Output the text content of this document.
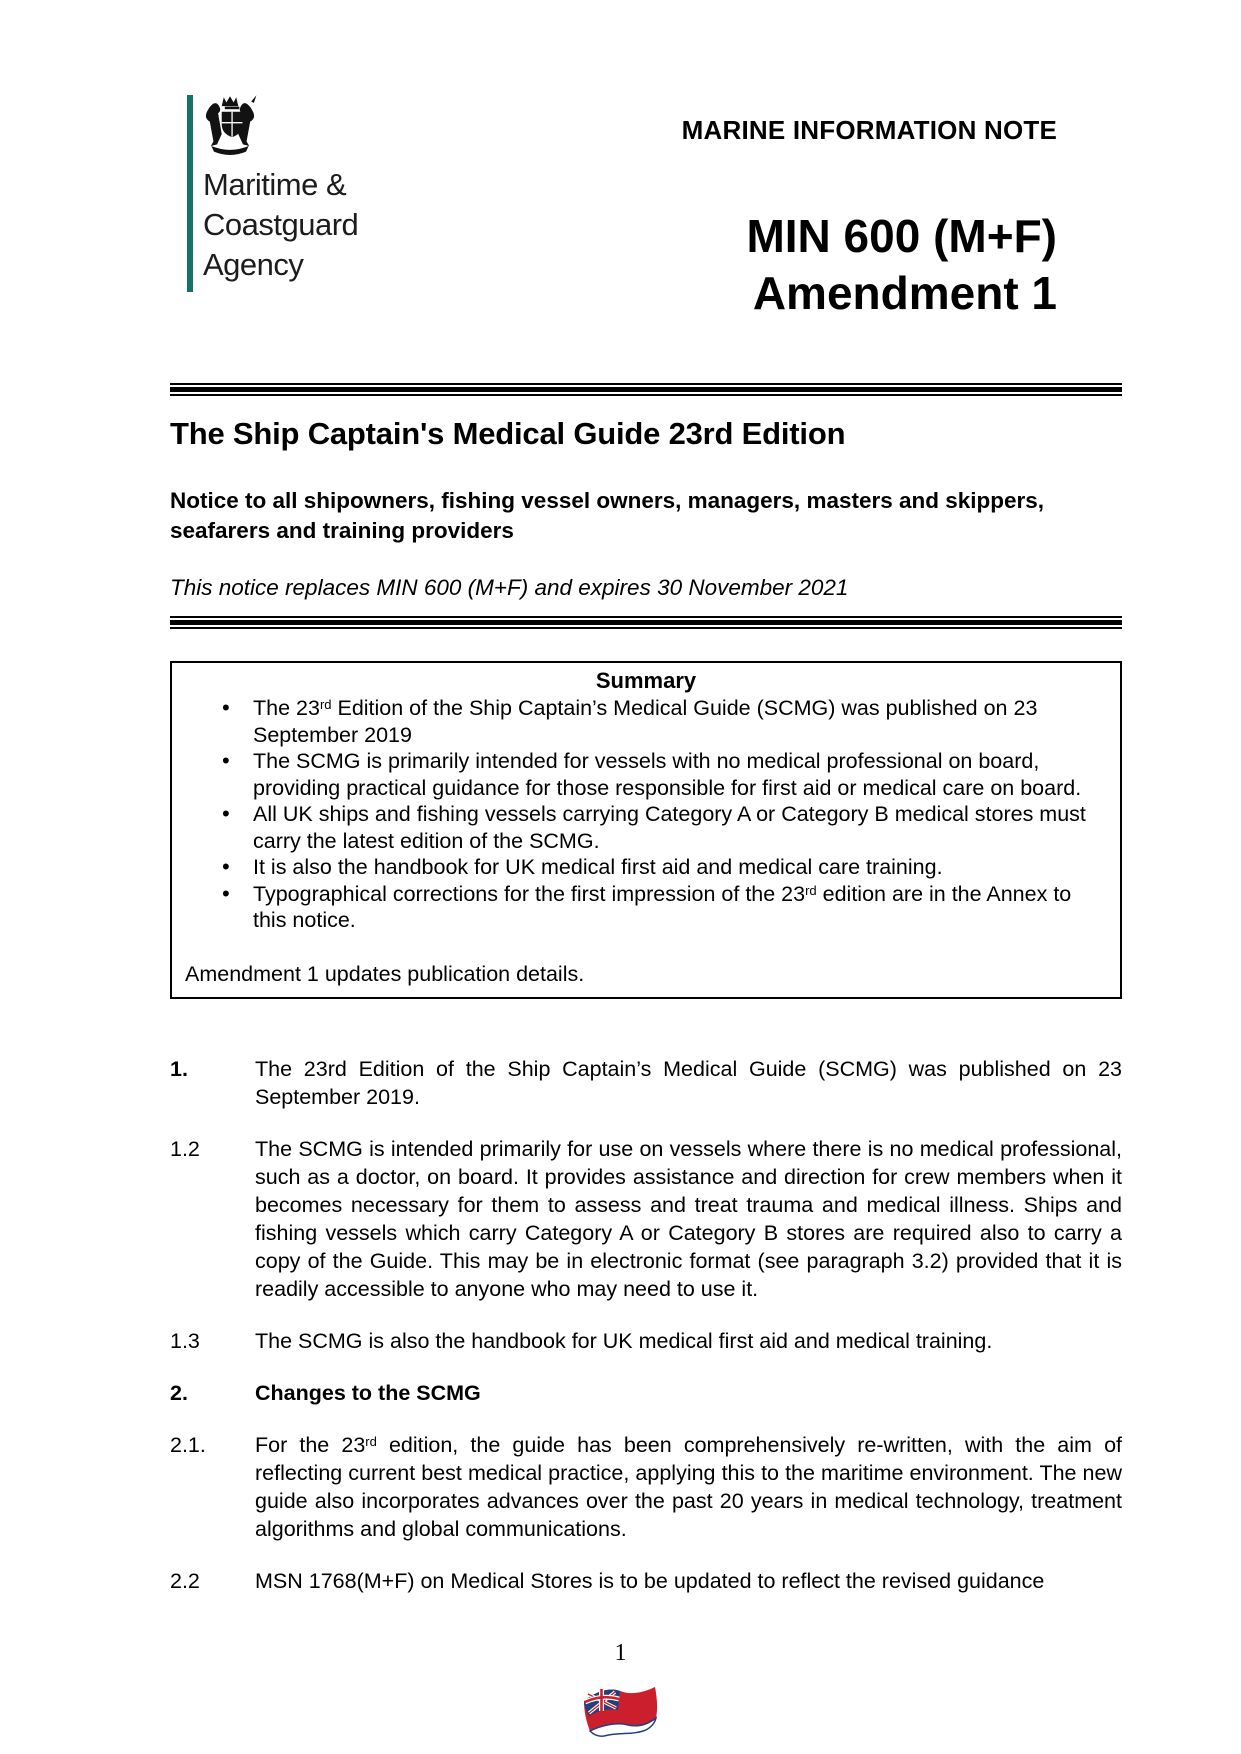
Maritime &
Coastguard
Agency
MARINE INFORMATION NOTE
MIN 600 (M+F)
Amendment 1
The Ship Captain's Medical Guide 23rd Edition
Notice to all shipowners, fishing vessel owners, managers, masters and skippers, seafarers and training providers
This notice replaces MIN 600 (M+F) and expires 30 November 2021
Summary
• The 23rd Edition of the Ship Captain’s Medical Guide (SCMG) was published on 23 September 2019
• The SCMG is primarily intended for vessels with no medical professional on board, providing practical guidance for those responsible for first aid or medical care on board.
• All UK ships and fishing vessels carrying Category A or Category B medical stores must carry the latest edition of the SCMG.
• It is also the handbook for UK medical first aid and medical care training.
• Typographical corrections for the first impression of the 23rd edition are in the Annex to this notice.
Amendment 1 updates publication details.
1.	The 23rd Edition of the Ship Captain’s Medical Guide (SCMG) was published on 23 September 2019.
1.2	The SCMG is intended primarily for use on vessels where there is no medical professional, such as a doctor, on board. It provides assistance and direction for crew members when it becomes necessary for them to assess and treat trauma and medical illness. Ships and fishing vessels which carry Category A or Category B stores are required also to carry a copy of the Guide. This may be in electronic format (see paragraph 3.2) provided that it is readily accessible to anyone who may need to use it.
1.3	The SCMG is also the handbook for UK medical first aid and medical training.
2.	Changes to the SCMG
2.1.	For the 23rd edition, the guide has been comprehensively re-written, with the aim of reflecting current best medical practice, applying this to the maritime environment. The new guide also incorporates advances over the past 20 years in medical technology, treatment algorithms and global communications.
2.2	MSN 1768(M+F) on Medical Stores is to be updated to reflect the revised guidance
1
